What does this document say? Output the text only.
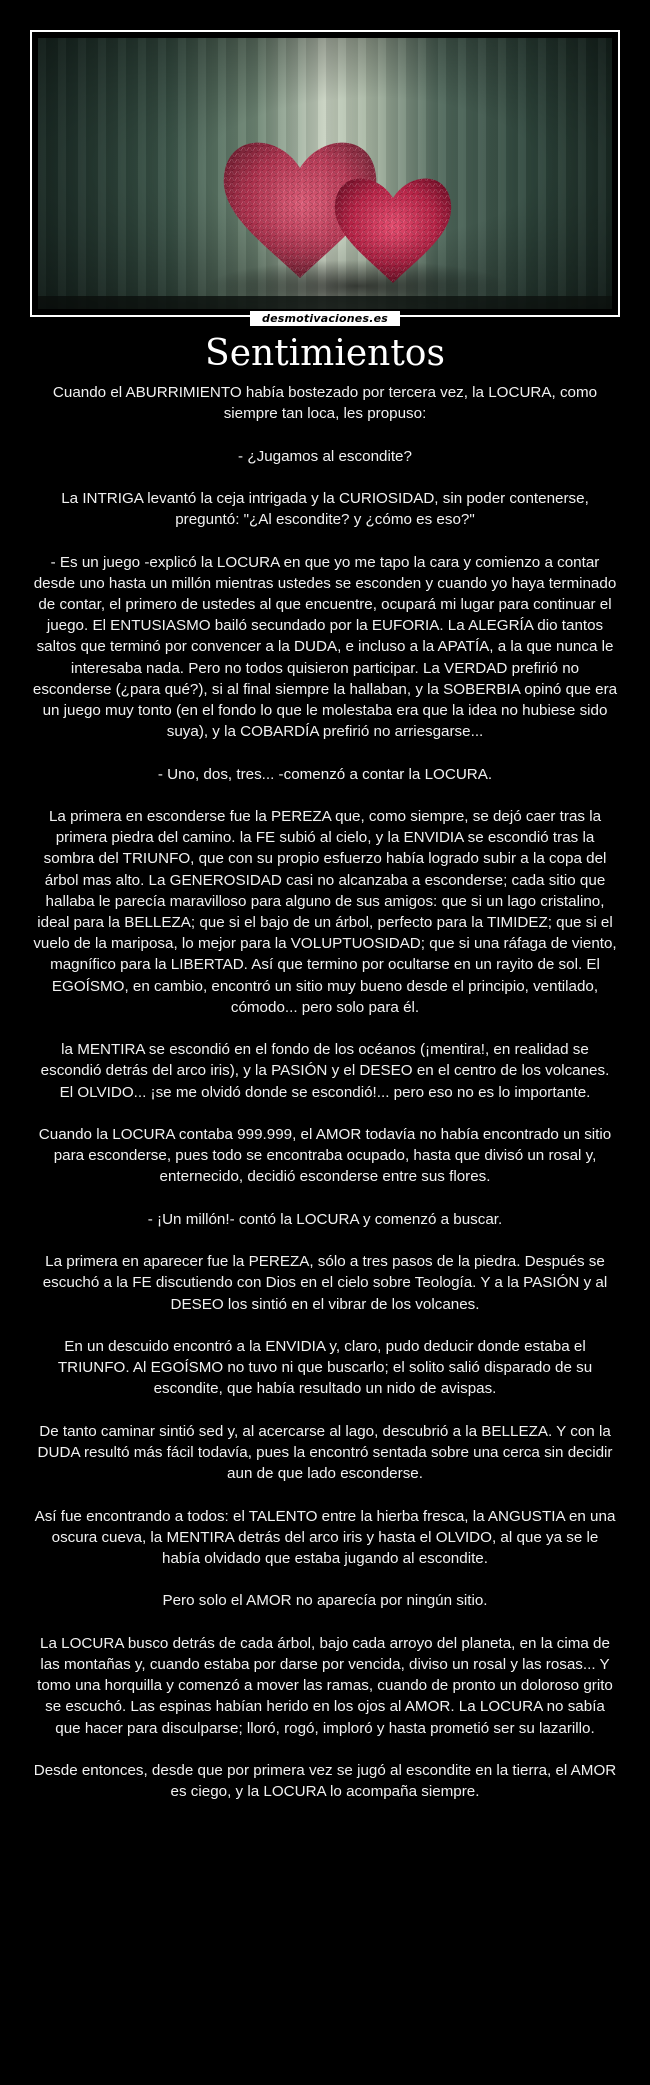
desmotivaciones.es
Sentimientos

Cuando el ABURRIMIENTO había bostezado por tercera vez, la LOCURA, como siempre tan loca, les propuso:

- ¿Jugamos al escondite?

La INTRIGA levantó la ceja intrigada y la CURIOSIDAD, sin poder contenerse, preguntó: "¿Al escondite? y ¿cómo es eso?"

- Es un juego -explicó la LOCURA en que yo me tapo la cara y comienzo a contar desde uno hasta un millón mientras ustedes se esconden y cuando yo haya terminado de contar, el primero de ustedes al que encuentre, ocupará mi lugar para continuar el juego. El ENTUSIASMO bailó secundado por la EUFORIA. La ALEGRÍA dio tantos saltos que terminó por convencer a la DUDA, e incluso a la APATÍA, a la que nunca le interesaba nada. Pero no todos quisieron participar. La VERDAD prefirió no esconderse (¿para qué?), si al final siempre la hallaban, y la SOBERBIA opinó que era un juego muy tonto (en el fondo lo que le molestaba era que la idea no hubiese sido suya), y la COBARDÍA prefirió no arriesgarse...

- Uno, dos, tres... -comenzó a contar la LOCURA.

La primera en esconderse fue la PEREZA que, como siempre, se dejó caer tras la primera piedra del camino. la FE subió al cielo, y la ENVIDIA se escondió tras la sombra del TRIUNFO, que con su propio esfuerzo había logrado subir a la copa del árbol mas alto. La GENEROSIDAD casi no alcanzaba a esconderse; cada sitio que hallaba le parecía maravilloso para alguno de sus amigos: que si un lago cristalino, ideal para la BELLEZA; que si el bajo de un árbol, perfecto para la TIMIDEZ; que si el vuelo de la mariposa, lo mejor para la VOLUPTUOSIDAD; que si una ráfaga de viento, magnífico para la LIBERTAD. Así que termino por ocultarse en un rayito de sol. El EGOÍSMO, en cambio, encontró un sitio muy bueno desde el principio, ventilado, cómodo... pero solo para él.

la MENTIRA se escondió en el fondo de los océanos (¡mentira!, en realidad se escondió detrás del arco iris), y la PASIÓN y el DESEO en el centro de los volcanes. El OLVIDO... ¡se me olvidó donde se escondió!... pero eso no es lo importante.

Cuando la LOCURA contaba 999.999, el AMOR todavía no había encontrado un sitio para esconderse, pues todo se encontraba ocupado, hasta que divisó un rosal y, enternecido, decidió esconderse entre sus flores.

- ¡Un millón!- contó la LOCURA y comenzó a buscar.

La primera en aparecer fue la PEREZA, sólo a tres pasos de la piedra. Después se escuchó a la FE discutiendo con Dios en el cielo sobre Teología. Y a la PASIÓN y al DESEO los sintió en el vibrar de los volcanes.

En un descuido encontró a la ENVIDIA y, claro, pudo deducir donde estaba el TRIUNFO. Al EGOÍSMO no tuvo ni que buscarlo; el solito salió disparado de su escondite, que había resultado un nido de avispas.

De tanto caminar sintió sed y, al acercarse al lago, descubrió a la BELLEZA. Y con la DUDA resultó más fácil todavía, pues la encontró sentada sobre una cerca sin decidir aun de que lado esconderse.

Así fue encontrando a todos: el TALENTO entre la hierba fresca, la ANGUSTIA en una oscura cueva, la MENTIRA detrás del arco iris y hasta el OLVIDO, al que ya se le había olvidado que estaba jugando al escondite.

Pero solo el AMOR no aparecía por ningún sitio.

La LOCURA busco detrás de cada árbol, bajo cada arroyo del planeta, en la cima de las montañas y, cuando estaba por darse por vencida, diviso un rosal y las rosas... Y tomo una horquilla y comenzó a mover las ramas, cuando de pronto un doloroso grito se escuchó. Las espinas habían herido en los ojos al AMOR. La LOCURA no sabía que hacer para disculparse; lloró, rogó, imploró y hasta prometió ser su lazarillo.

Desde entonces, desde que por primera vez se jugó al escondite en la tierra, el AMOR es ciego, y la LOCURA lo acompaña siempre.
